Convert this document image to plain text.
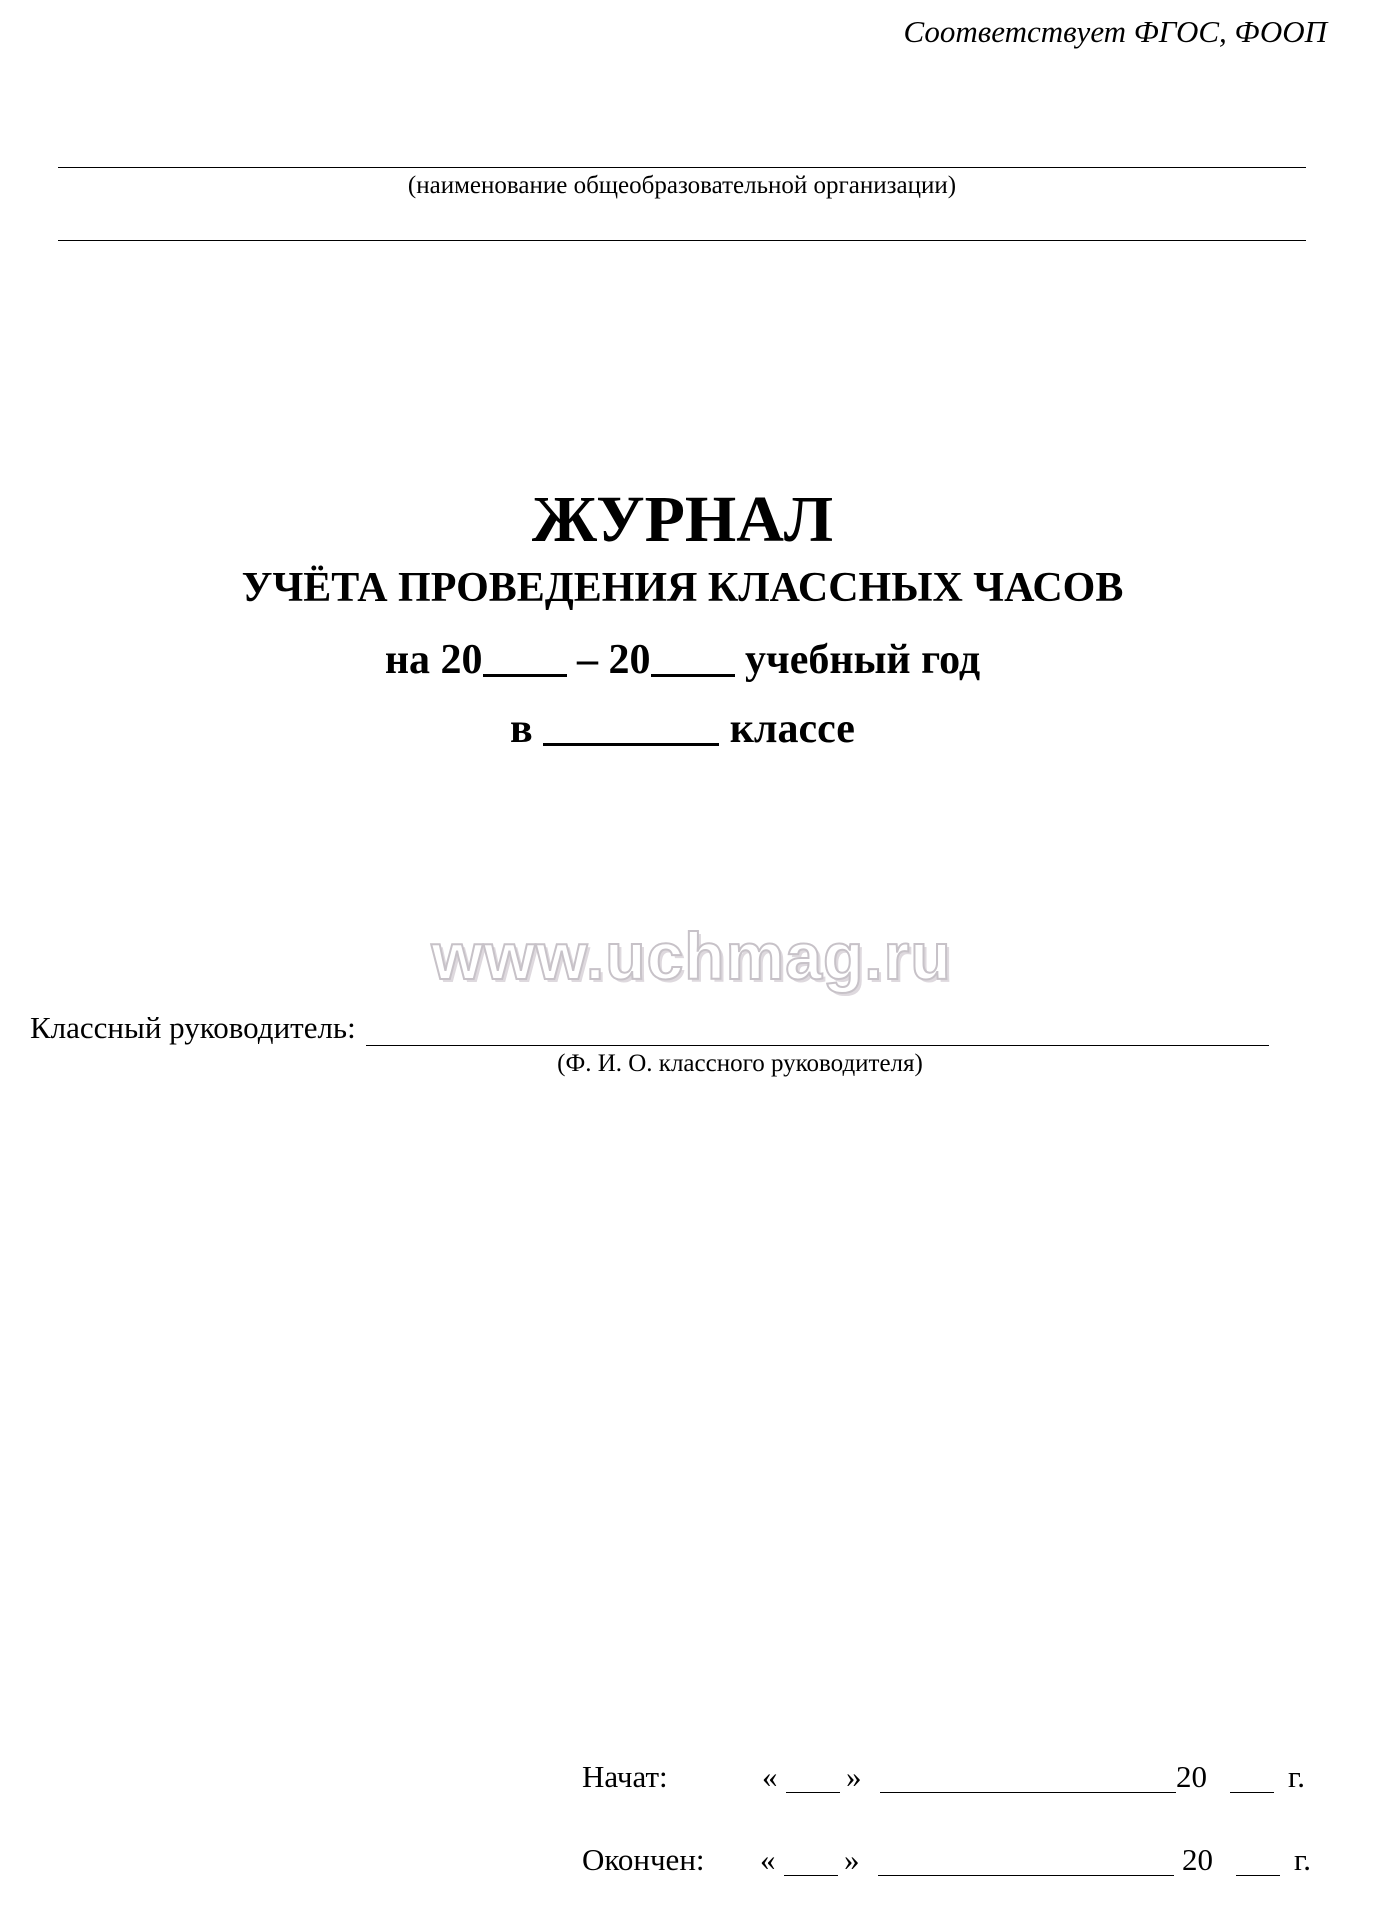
Соответствует ФГОС, ФООП
(наименование общеобразовательной организации)
ЖУРНАЛ
УЧЁТА ПРОВЕДЕНИЯ КЛАССНЫХ ЧАСОВ
на 20 – 20 учебный год
в	классе
www.uchmag.ru
Классный руководитель:
(Ф. И. О. классного руководителя)
Начат:	« »	20	г.
Окончен: « »	20	г.
